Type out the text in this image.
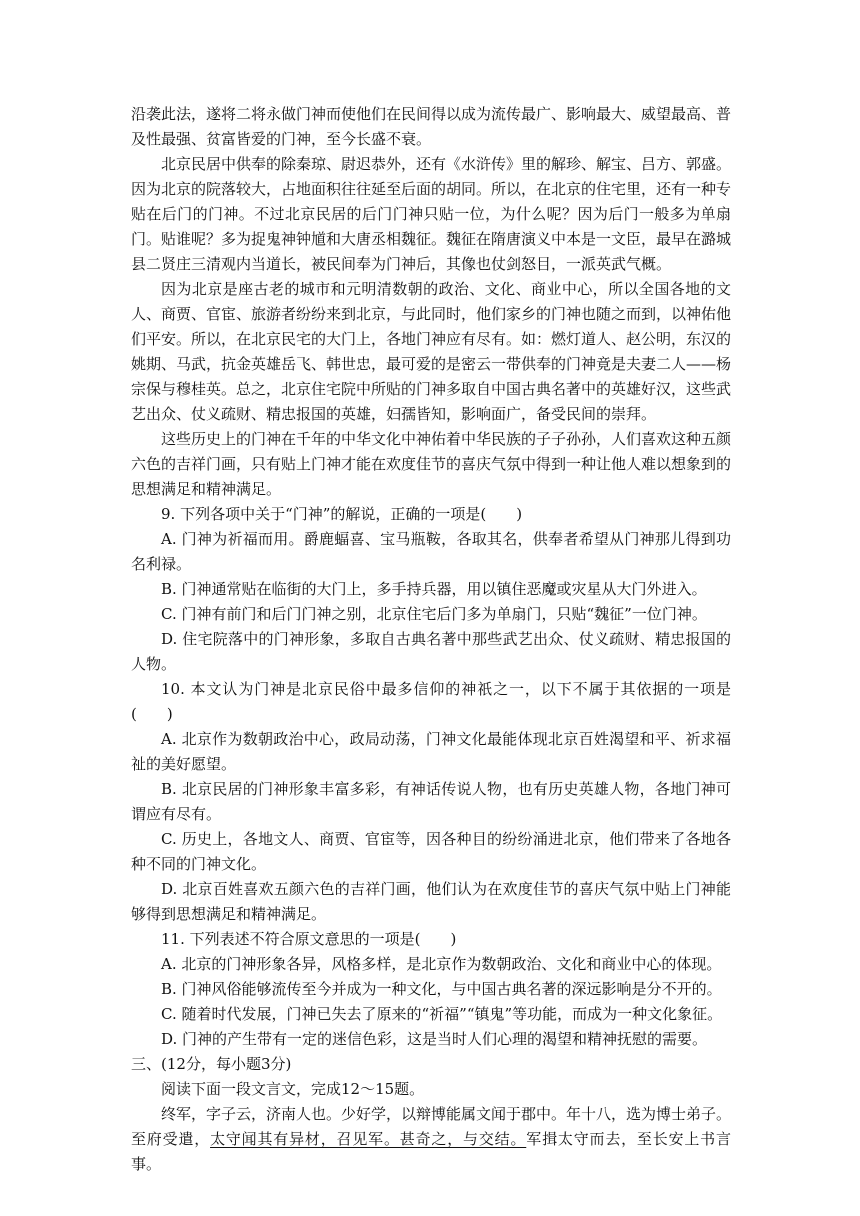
沿袭此法，遂将二将永做门神而使他们在民间得以成为流传最广、影响最大、威望最高、普及性最强、贫富皆爱的门神，至今长盛不衰。

北京民居中供奉的除秦琼、尉迟恭外，还有《水浒传》里的解珍、解宝、吕方、郭盛。因为北京的院落较大，占地面积往往延至后面的胡同。所以，在北京的住宅里，还有一种专贴在后门的门神。不过北京民居的后门门神只贴一位，为什么呢？因为后门一般多为单扇门。贴谁呢？多为捉鬼神钟馗和大唐丞相魏征。魏征在隋唐演义中本是一文臣，最早在潞城县二贤庄三清观内当道长，被民间奉为门神后，其像也仗剑怒目，一派英武气概。

因为北京是座古老的城市和元明清数朝的政治、文化、商业中心，所以全国各地的文人、商贾、官宦、旅游者纷纷来到北京，与此同时，他们家乡的门神也随之而到，以神佑他们平安。所以，在北京民宅的大门上，各地门神应有尽有。如：燃灯道人、赵公明，东汉的姚期、马武，抗金英雄岳飞、韩世忠，最可爱的是密云一带供奉的门神竟是夫妻二人——杨宗保与穆桂英。总之，北京住宅院中所贴的门神多取自中国古典名著中的英雄好汉，这些武艺出众、仗义疏财、精忠报国的英雄，妇孺皆知，影响面广，备受民间的崇拜。

这些历史上的门神在千年的中华文化中神佑着中华民族的子子孙孙，人们喜欢这种五颜六色的吉祥门画，只有贴上门神才能在欢度佳节的喜庆气氛中得到一种让他人难以想象到的思想满足和精神满足。

9. 下列各项中关于“门神”的解说，正确的一项是(　　)

A. 门神为祈福而用。爵鹿蝠喜、宝马瓶鞍，各取其名，供奉者希望从门神那儿得到功名利禄。

B. 门神通常贴在临街的大门上，多手持兵器，用以镇住恶魔或灾星从大门外进入。

C. 门神有前门和后门门神之别，北京住宅后门多为单扇门，只贴“魏征”一位门神。

D. 住宅院落中的门神形象，多取自古典名著中那些武艺出众、仗义疏财、精忠报国的人物。

10. 本文认为门神是北京民俗中最多信仰的神祇之一，以下不属于其依据的一项是(　　)

A. 北京作为数朝政治中心，政局动荡，门神文化最能体现北京百姓渴望和平、祈求福祉的美好愿望。

B. 北京民居的门神形象丰富多彩，有神话传说人物，也有历史英雄人物，各地门神可谓应有尽有。

C. 历史上，各地文人、商贾、官宦等，因各种目的纷纷涌进北京，他们带来了各地各种不同的门神文化。

D. 北京百姓喜欢五颜六色的吉祥门画，他们认为在欢度佳节的喜庆气氛中贴上门神能够得到思想满足和精神满足。

11. 下列表述不符合原文意思的一项是(　　)

A. 北京的门神形象各异，风格多样，是北京作为数朝政治、文化和商业中心的体现。

B. 门神风俗能够流传至今并成为一种文化，与中国古典名著的深远影响是分不开的。

C. 随着时代发展，门神已失去了原来的“祈福”“镇鬼”等功能，而成为一种文化象征。

D. 门神的产生带有一定的迷信色彩，这是当时人们心理的渴望和精神抚慰的需要。

三、(12分，每小题3分)

阅读下面一段文言文，完成12～15题。

终军，字子云，济南人也。少好学，以辩博能属文闻于郡中。年十八，选为博士弟子。至府受遣，太守闻其有异材，召见军。甚奇之，与交结。军揖太守而去，至长安上书言事。
